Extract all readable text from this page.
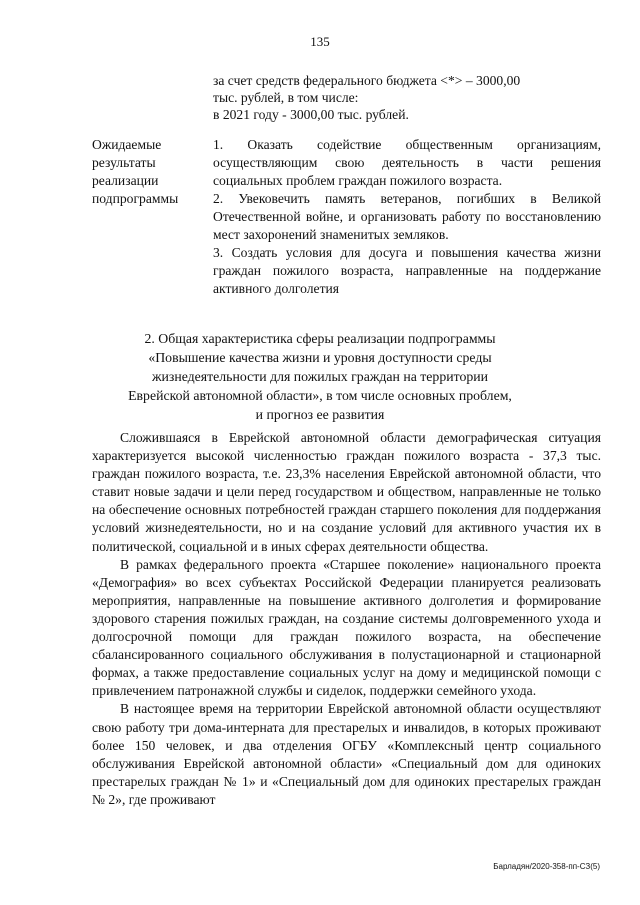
135
за счет средств федерального бюджета <*> – 3000,00
тыс. рублей, в том числе:
в 2021 году - 3000,00 тыс. рублей.
Ожидаемые
результаты
реализации
подпрограммы
1. Оказать содействие общественным организациям, осуществляющим свою деятельность в части решения социальных проблем граждан пожилого возраста.
2. Увековечить память ветеранов, погибших в Великой Отечественной войне, и организовать работу по восстановлению мест захоронений знаменитых земляков.
3. Создать условия для досуга и повышения качества жизни граждан пожилого возраста, направленные на поддержание активного долголетия
2. Общая характеристика сферы реализации подпрограммы
«Повышение качества жизни и уровня доступности среды
жизнедеятельности для пожилых граждан на территории
Еврейской автономной области», в том числе основных проблем,
и прогноз ее развития

Сложившаяся в Еврейской автономной области демографическая ситуация характеризуется высокой численностью граждан пожилого возраста - 37,3 тыс. граждан пожилого возраста, т.е. 23,3% населения Еврейской автономной области, что ставит новые задачи и цели перед государством и обществом, направленные не только на обеспечение основных потребностей граждан старшего поколения для поддержания условий жизнедеятельности, но и на создание условий для активного участия их в политической, социальной и в иных сферах деятельности общества.

В рамках федерального проекта «Старшее поколение» национального проекта «Демография» во всех субъектах Российской Федерации планируется реализовать мероприятия, направленные на повышение активного долголетия и формирование здорового старения пожилых граждан, на создание системы долговременного ухода и долгосрочной помощи для граждан пожилого возраста, на обеспечение сбалансированного социального обслуживания в полустационарной и стационарной формах, а также предоставление социальных услуг на дому и медицинской помощи с привлечением патронажной службы и сиделок, поддержки семейного ухода.

В настоящее время на территории Еврейской автономной области осуществляют свою работу три дома-интерната для престарелых и инвалидов, в которых проживают более 150 человек, и два отделения ОГБУ «Комплексный центр социального обслуживания Еврейской автономной области» «Специальный дом для одиноких престарелых граждан № 1» и «Специальный дом для одиноких престарелых граждан № 2», где проживают

Барладян/2020-358-пп-СЗ(5)
